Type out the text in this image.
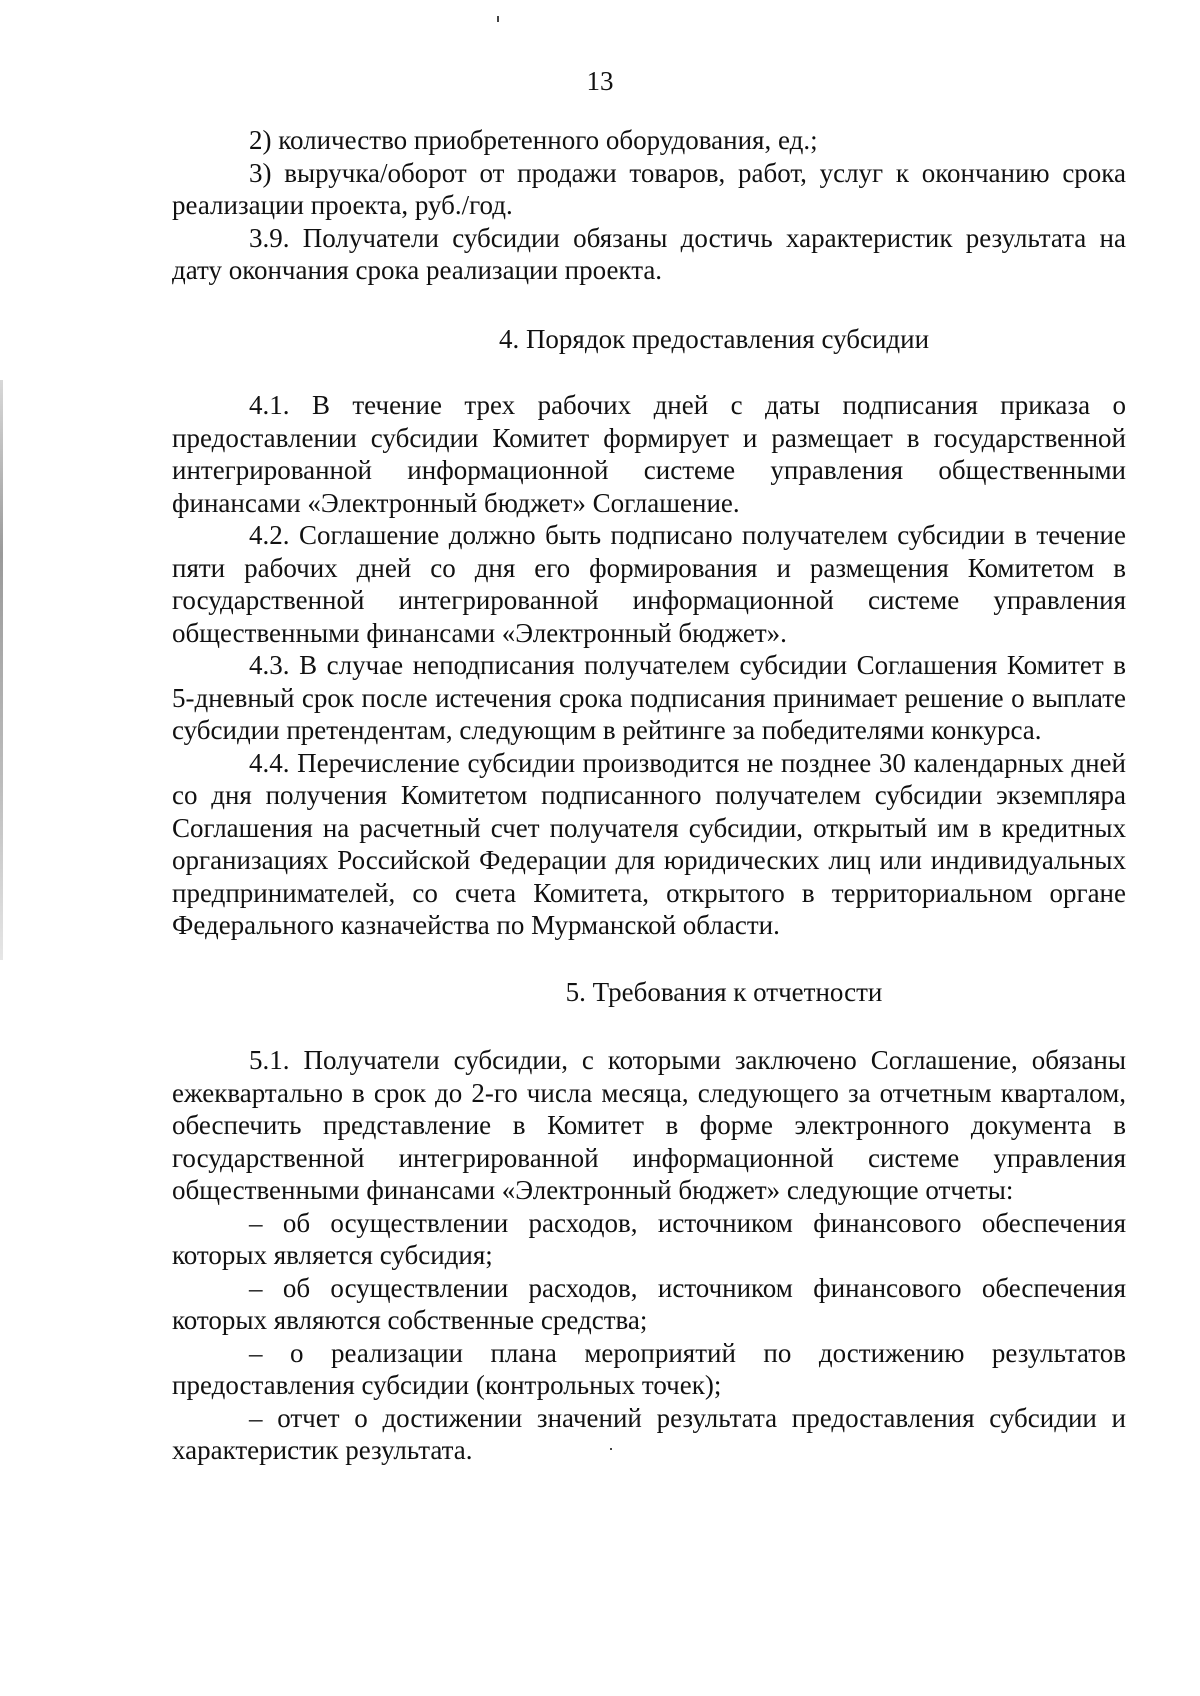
13

2) количество приобретенного оборудования, ед.;

3) выручка/оборот от продажи товаров, работ, услуг к окончанию срока реализации проекта, руб./год.

3.9. Получатели субсидии обязаны достичь характеристик результата на дату окончания срока реализации проекта.

4. Порядок предоставления субсидии

4.1. В течение трех рабочих дней с даты подписания приказа о предоставлении субсидии Комитет формирует и размещает в государственной интегрированной информационной системе управления общественными финансами «Электронный бюджет» Соглашение.

4.2. Соглашение должно быть подписано получателем субсидии в течение пяти рабочих дней со дня его формирования и размещения Комитетом в государственной интегрированной информационной системе управления общественными финансами «Электронный бюджет».

4.3. В случае неподписания получателем субсидии Соглашения Комитет в 5-дневный срок после истечения срока подписания принимает решение о выплате субсидии претендентам, следующим в рейтинге за победителями конкурса.

4.4. Перечисление субсидии производится не позднее 30 календарных дней со дня получения Комитетом подписанного получателем субсидии экземпляра Соглашения на расчетный счет получателя субсидии, открытый им в кредитных организациях Российской Федерации для юридических лиц или индивидуальных предпринимателей, со счета Комитета, открытого в территориальном органе Федерального казначейства по Мурманской области.

5. Требования к отчетности

5.1. Получатели субсидии, с которыми заключено Соглашение, обязаны ежеквартально в срок до 2-го числа месяца, следующего за отчетным кварталом, обеспечить представление в Комитет в форме электронного документа в государственной интегрированной информационной системе управления общественными финансами «Электронный бюджет» следующие отчеты:

– об осуществлении расходов, источником финансового обеспечения которых является субсидия;

– об осуществлении расходов, источником финансового обеспечения которых являются собственные средства;

– о реализации плана мероприятий по достижению результатов предоставления субсидии (контрольных точек);

– отчет о достижении значений результата предоставления субсидии и характеристик результата.
